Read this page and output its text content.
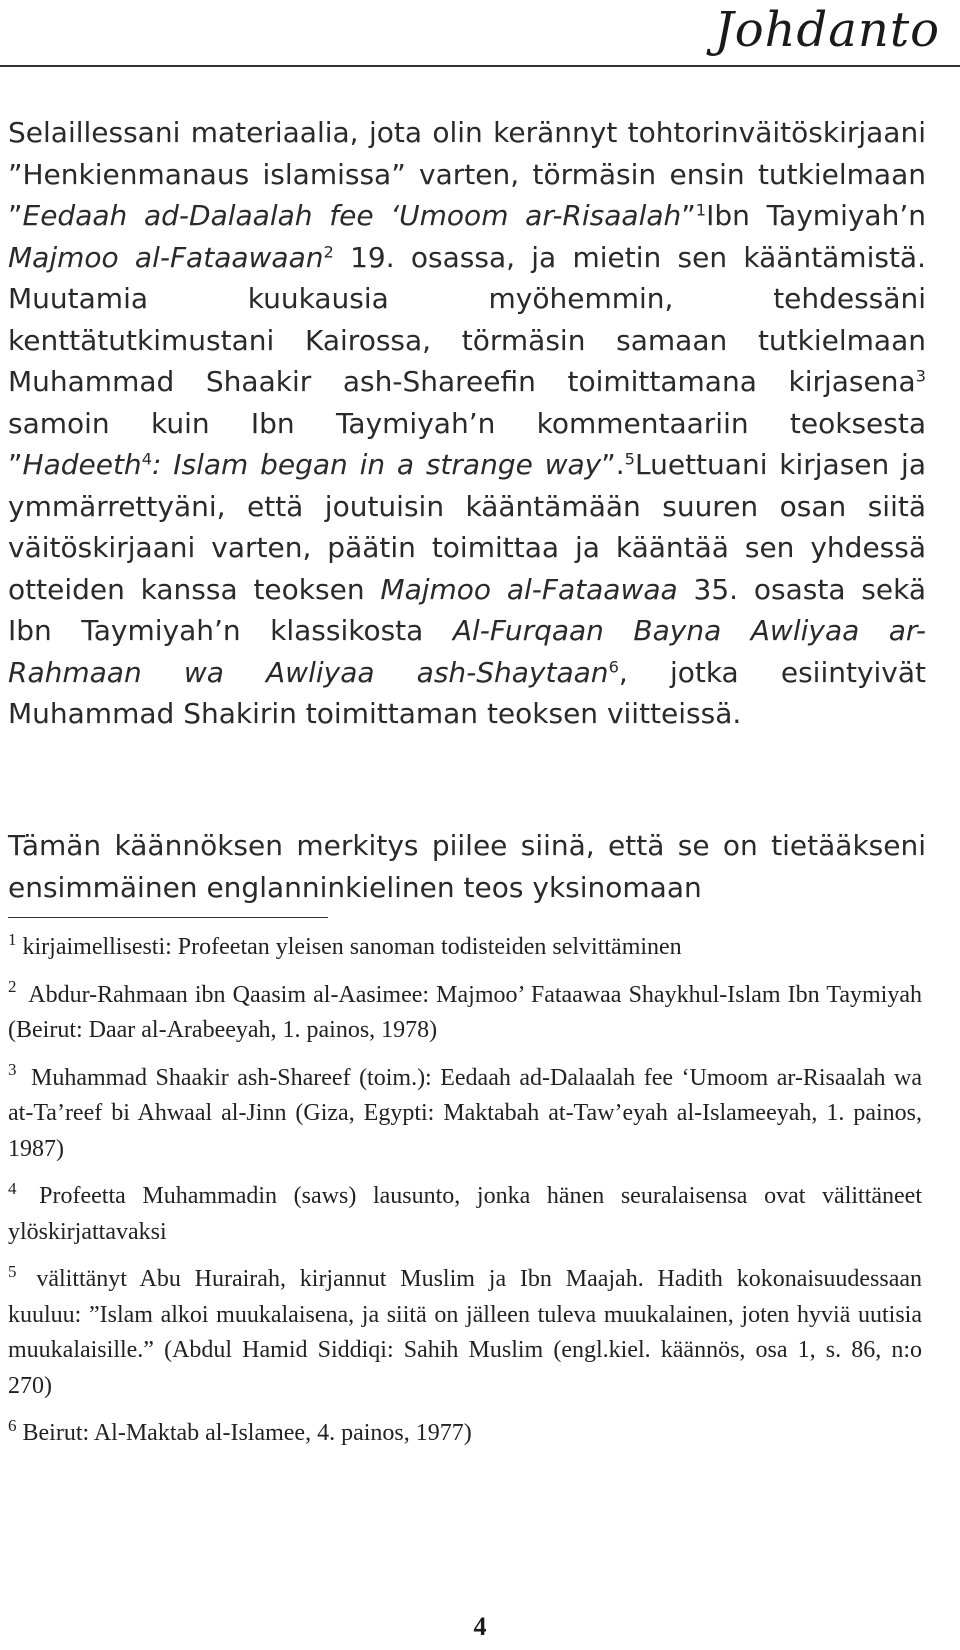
Johdanto

Selaillessani materiaalia, jota olin kerännyt tohtorinväitöskirjaani ”Henkienmanaus islamissa” varten, törmäsin ensin tutkielmaan ”Eedaah ad-Dalaalah fee ‘Umoom ar-Risaalah”$^1$Ibn Taymiyah’n Majmoo al-Fataawaan$^2$ 19. osassa, ja mietin sen kääntämistä. Muutamia kuukausia myöhemmin, tehdessäni kenttätutkimustani Kairossa, törmäsin samaan tutkielmaan Muhammad Shaakir ash-Shareefin toimittamana kirjasena$^3$ samoin kuin Ibn Taymiyah’n kommentaariin teoksesta ”Hadeeth$^4$: Islam began in a strange way”.$^5$Luettuani kirjasen ja ymmärrettyäni, että joutuisin kääntämään suuren osan siitä väitöskirjaani varten, päätin toimittaa ja kääntää sen yhdessä otteiden kanssa teoksen Majmoo al-Fataawaa 35. osasta sekä Ibn Taymiyah’n klassikosta Al-Furqaan Bayna Awliyaa ar-Rahmaan wa Awliyaa ash-Shaytaan$^6$, jotka esiintyivät Muhammad Shakirin toimittaman teoksen viitteissä.

Tämän käännöksen merkitys piilee siinä, että se on tietääkseni ensimmäinen englanninkielinen teos yksinomaan

$^1$ kirjaimellisesti: Profeetan yleisen sanoman todisteiden selvittäminen

$^2$ Abdur-Rahmaan ibn Qaasim al-Aasimee: Majmoo’ Fataawaa Shaykhul-Islam Ibn Taymiyah (Beirut: Daar al-Arabeeyah, 1. painos, 1978)

$^3$ Muhammad Shaakir ash-Shareef (toim.): Eedaah ad-Dalaalah fee ‘Umoom ar-Risaalah wa at-Ta’reef bi Ahwaal al-Jinn (Giza, Egypti: Maktabah at-Taw’eyah al-Islameeyah, 1. painos, 1987)

$^4$ Profeetta Muhammadin (saws) lausunto, jonka hänen seuralaisensa ovat välittäneet ylöskirjattavaksi

$^5$ välittänyt Abu Hurairah, kirjannut Muslim ja Ibn Maajah. Hadith kokonaisuudessaan kuuluu: ”Islam alkoi muukalaisena, ja siitä on jälleen tuleva muukalainen, joten hyviä uutisia muukalaisille.” (Abdul Hamid Siddiqi: Sahih Muslim (engl.kiel. käännös, osa 1, s. 86, n:o 270)

$^6$ Beirut: Al-Maktab al-Islamee, 4. painos, 1977)

4
